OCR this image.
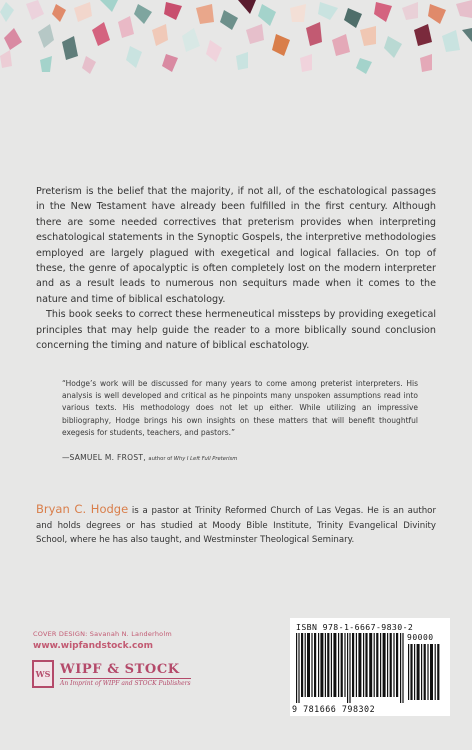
Preterism is the belief that the majority, if not all, of the eschatological passages in the New Testament have already been fulfilled in the first century. Although there are some needed correctives that preterism provides when interpreting eschatological statements in the Synoptic Gospels, the interpretive methodologies employed are largely plagued with exegetical and logical fallacies. On top of these, the genre of apocalyptic is often completely lost on the modern interpreter and as a result leads to numerous non sequiturs made when it comes to the nature and time of biblical eschatology.

This book seeks to correct these hermeneutical missteps by providing exegetical principles that may help guide the reader to a more biblically sound conclusion concerning the timing and nature of biblical eschatology.

“Hodge’s work will be discussed for many years to come among preterist interpreters. His analysis is well developed and critical as he pinpoints many unspoken assumptions read into various texts. His methodology does not let up either. While utilizing an impressive bibliography, Hodge brings his own insights on these matters that will benefit thoughtful exegesis for students, teachers, and pastors.”
—SAMUEL M. FROST, author of Why I Left Full Preterism
Bryan C. Hodge is a pastor at Trinity Reformed Church of Las Vegas. He is an author and holds degrees or has studied at Moody Bible Institute, Trinity Evangelical Divinity School, where he has also taught, and Westminster Theological Seminary.
COVER DESIGN: Savanah N. Landerholm
www.wipfandstock.com
WS WIPF & STOCK
An Imprint of WIPF and STOCK Publishers
ISBN 978-1-6667-9830-2
90000
9 781666 798302
